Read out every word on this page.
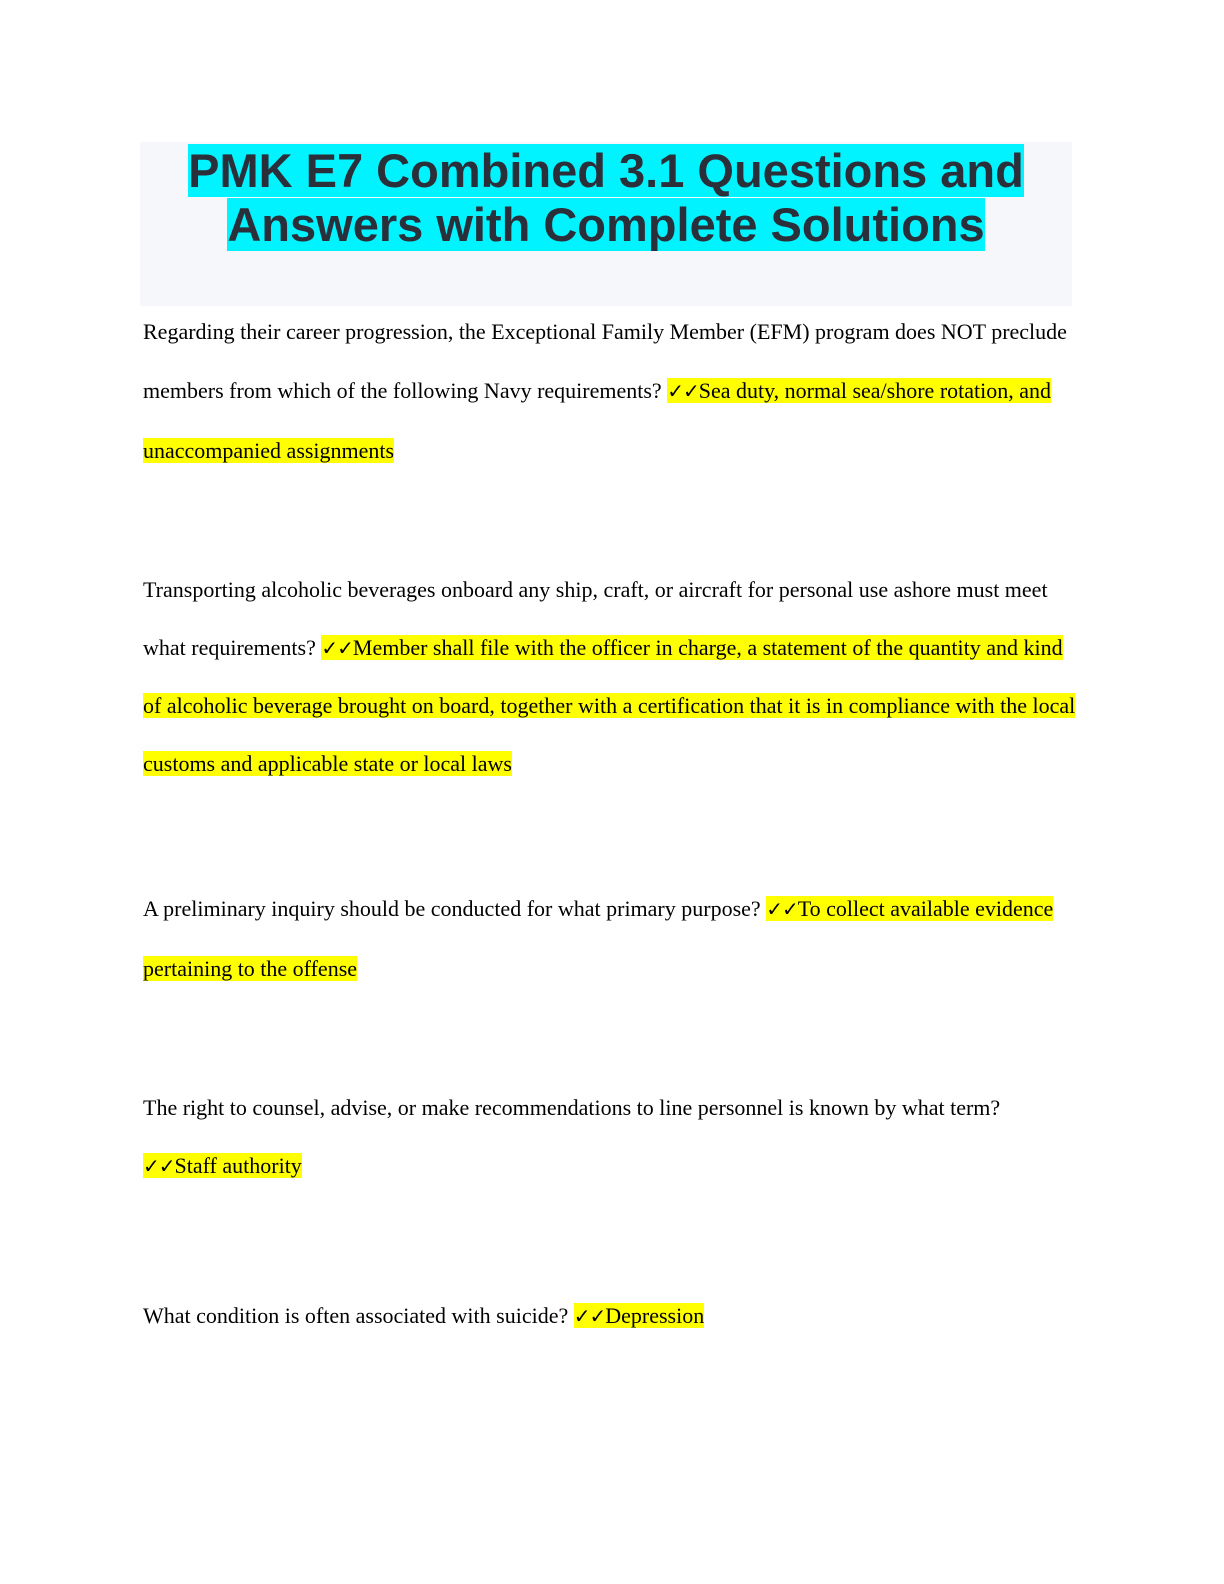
PMK E7 Combined 3.1 Questions and
Answers with Complete Solutions

Regarding their career progression, the Exceptional Family Member (EFM) program does NOT preclude members from which of the following Navy requirements? ✓✓Sea duty, normal sea/shore rotation, and unaccompanied assignments

Transporting alcoholic beverages onboard any ship, craft, or aircraft for personal use ashore must meet what requirements? ✓✓Member shall file with the officer in charge, a statement of the quantity and kind of alcoholic beverage brought on board, together with a certification that it is in compliance with the local customs and applicable state or local laws

A preliminary inquiry should be conducted for what primary purpose? ✓✓To collect available evidence pertaining to the offense

The right to counsel, advise, or make recommendations to line personnel is known by what term? ✓✓Staff authority

What condition is often associated with suicide? ✓✓Depression
